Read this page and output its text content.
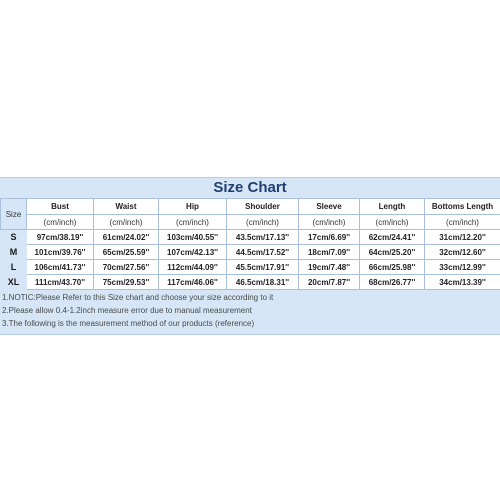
Size Chart
Size	Bust	Waist	Hip	Shoulder	Sleeve	Length	Bottoms Length
	(cm/inch)	(cm/inch)	(cm/inch)	(cm/inch)	(cm/inch)	(cm/inch)	(cm/inch)
S	97cm/38.19''	61cm/24.02''	103cm/40.55''	43.5cm/17.13''	17cm/6.69''	62cm/24.41''	31cm/12.20''
M	101cm/39.76''	65cm/25.59''	107cm/42.13''	44.5cm/17.52''	18cm/7.09''	64cm/25.20''	32cm/12.60''
L	106cm/41.73''	70cm/27.56''	112cm/44.09''	45.5cm/17.91''	19cm/7.48''	66cm/25.98''	33cm/12.99''
XL	111cm/43.70''	75cm/29.53''	117cm/46.06''	46.5cm/18.31''	20cm/7.87''	68cm/26.77''	34cm/13.39''
1.NOTIC:Please Refer to this Size chart and choose your size according to it
2.Please allow 0.4-1.2inch measure error due to manual measurement
3.The following is the measurement method of our products (reference)
